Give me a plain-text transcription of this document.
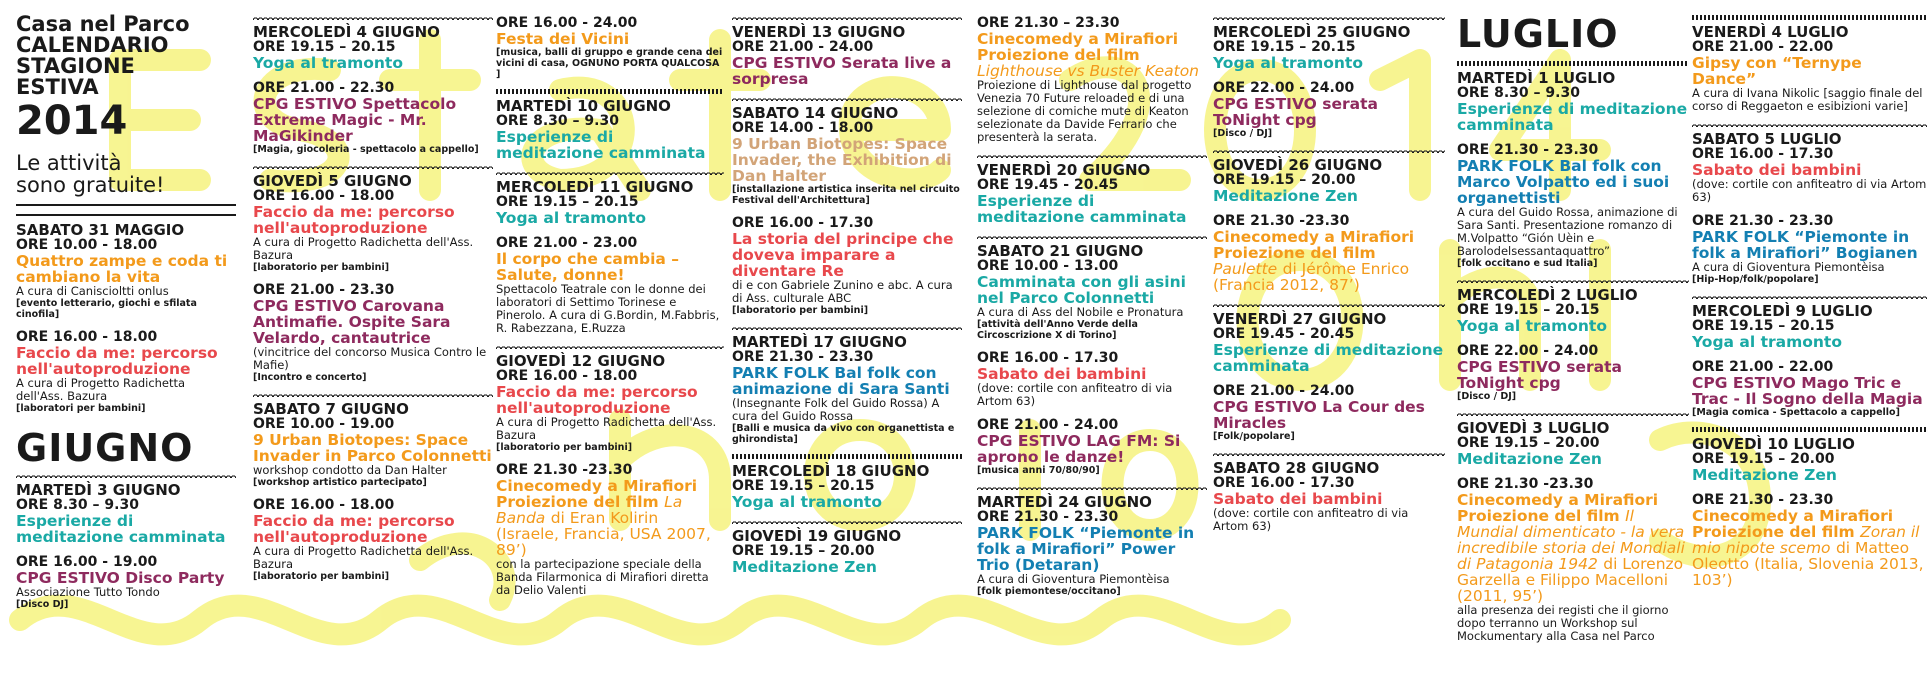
Casa nel Parco
CALENDARIO
STAGIONE
ESTIVA
2014
Le attività
sono gratuite!
SABATO 31 MAGGIO
ORE 10.00 - 18.00
Quattro zampe e coda ti cambiano la vita
A cura di Caniscioltti onlus
[evento letterario, giochi e sfilata cinofila]
ORE 16.00 - 18.00
Faccio da me: percorso nell'autoproduzione
A cura di Progetto Radichetta dell'Ass. Bazura
[laboratori per bambini]
GIUGNO
MARTEDÌ 3 GIUGNO
ORE 8.30 – 9.30
Esperienze di meditazione camminata
ORE 16.00 - 19.00
CPG ESTIVO Disco Party
Associazione Tutto Tondo
[Disco DJ]
MERCOLEDÌ 4 GIUGNO
ORE 19.15 – 20.15
Yoga al tramonto
ORE 21.00 - 22.30
CPG ESTIVO Spettacolo Extreme Magic - Mr. MaGikinder
[Magia, giocoleria - spettacolo a cappello]
GIOVEDÌ 5 GIUGNO
ORE 16.00 - 18.00
Faccio da me: percorso nell'autoproduzione
A cura di Progetto Radichetta dell'Ass. Bazura
[laboratorio per bambini]
ORE 21.00 - 23.30
CPG ESTIVO Carovana Antimafie. Ospite Sara Velardo, cantautrice
(vincitrice del concorso Musica Contro le Mafie)
[Incontro e concerto]
SABATO 7 GIUGNO
ORE 10.00 - 19.00
9 Urban Biotopes: Space Invader in Parco Colonnetti
workshop condotto da Dan Halter
[workshop artistico partecipato]
ORE 16.00 - 18.00
Faccio da me: percorso nell'autoproduzione
A cura di Progetto Radichetta dell'Ass. Bazura
[laboratorio per bambini]
ORE 16.00 - 24.00
Festa dei Vicini
[musica, balli di gruppo e grande cena dei vicini di casa, OGNUNO PORTA QUALCOSA ]
MARTEDÌ 10 GIUGNO
ORE 8.30 – 9.30
Esperienze di meditazione camminata
MERCOLEDÌ 11 GIUGNO
ORE 19.15 – 20.15
Yoga al tramonto
ORE 21.00 - 23.00
Il corpo che cambia – Salute, donne!
Spettacolo Teatrale con le donne dei laboratori di Settimo Torinese e Pinerolo. A cura di G.Bordin, M.Fabbris, R. Rabezzana, E.Ruzza
GIOVEDÌ 12 GIUGNO
ORE 16.00 - 18.00
Faccio da me: percorso nell'autoproduzione
A cura di Progetto Radichetta dell'Ass. Bazura
[laboratorio per bambini]
ORE 21.30 -23.30
Cinecomedy a Mirafiori Proiezione del film La Banda di Eran Kolirin (Israele, Francia, USA 2007, 89’)
con la partecipazione speciale della Banda Filarmonica di Mirafiori diretta da Delio Valenti
VENERDÌ 13 GIUGNO
ORE 21.00 - 24.00
CPG ESTIVO Serata live a sorpresa
SABATO 14 GIUGNO
ORE 14.00 - 18.00
9 Urban Biotopes: Space Invader, the Exhibition di Dan Halter
[installazione artistica inserita nel circuito Festival dell'Architettura]
ORE 16.00 - 17.30
La storia del principe che doveva imparare a diventare Re
di e con Gabriele Zunino e abc. A cura di Ass. culturale ABC
[laboratorio per bambini]
MARTEDÌ 17 GIUGNO
ORE 21.30 - 23.30
PARK FOLK Bal folk con animazione di Sara Santi
(Insegnante Folk del Guido Rossa) A cura del Guido Rossa
[Balli e musica da vivo con organettista e ghirondista]
MERCOLEDÌ 18 GIUGNO
ORE 19.15 – 20.15
Yoga al tramonto
GIOVEDÌ 19 GIUGNO
ORE 19.15 – 20.00
Meditazione Zen
ORE 21.30 – 23.30
Cinecomedy a Mirafiori Proiezione del film Lighthouse vs Buster Keaton
Proiezione di Lighthouse dal progetto Venezia 70 Future reloaded e di una selezione di comiche mute di Keaton selezionate da Davide Ferrario che presenterà la serata.
VENERDÌ 20 GIUGNO
ORE 19.45 - 20.45
Esperienze di meditazione camminata
SABATO 21 GIUGNO
ORE 10.00 - 13.00
Camminata con gli asini nel Parco Colonnetti
A cura di Ass del Nobile e Pronatura
[attività dell'Anno Verde della Circoscrizione X di Torino]
ORE 16.00 - 17.30
Sabato dei bambini
(dove: cortile con anfiteatro di via Artom 63)
ORE 21.00 - 24.00
CPG ESTIVO LAG FM: Si aprono le danze!
[musica anni 70/80/90]
MARTEDÌ 24 GIUGNO
ORE 21.30 - 23.30
PARK FOLK “Piemonte in folk a Mirafiori” Power Trio (Detaran)
A cura di Gioventura Piemontèisa
[folk piemontese/occitano]
MERCOLEDÌ 25 GIUGNO
ORE 19.15 – 20.15
Yoga al tramonto
ORE 22.00 - 24.00
CPG ESTIVO serata ToNight cpg
[Disco / DJ]
GIOVEDÌ 26 GIUGNO
ORE 19.15 – 20.00
Meditazione Zen
ORE 21.30 -23.30
Cinecomedy a Mirafiori Proiezione del film Paulette di Jérôme Enrico (Francia 2012, 87’)
VENERDÌ 27 GIUGNO
ORE 19.45 - 20.45
Esperienze di meditazione camminata
ORE 21.00 - 24.00
CPG ESTIVO La Cour des Miracles
[Folk/popolare]
SABATO 28 GIUGNO
ORE 16.00 - 17.30
Sabato dei bambini
(dove: cortile con anfiteatro di via Artom 63)
LUGLIO
MARTEDÌ 1 LUGLIO
ORE 8.30 – 9.30
Esperienze di meditazione camminata
ORE 21.30 - 23.30
PARK FOLK Bal folk con Marco Volpatto ed i suoi organettisti
A cura del Guido Rossa, animazione di Sara Santi. Presentazione romanzo di M.Volpatto “Gión Uèin e Barolodelsessantaquattro”
[folk occitano e sud Italia]
MERCOLEDÌ 2 LUGLIO
ORE 19.15 – 20.15
Yoga al tramonto
ORE 22.00 - 24.00
CPG ESTIVO serata ToNight cpg
[Disco / DJ]
GIOVEDÌ 3 LUGLIO
ORE 19.15 – 20.00
Meditazione Zen
ORE 21.30 -23.30
Cinecomedy a Mirafiori Proiezione del film Il Mundial dimenticato - la vera incredibile storia dei Mondiali di Patagonia 1942 di Lorenzo Garzella e Filippo Macelloni (2011, 95’)
alla presenza dei registi che il giorno dopo terranno un Workshop sul Mockumentary alla Casa nel Parco
VENERDÌ 4 LUGLIO
ORE 21.00 - 22.00
Gipsy con “Ternype Dance”
A cura di Ivana Nikolic [saggio finale del corso di Reggaeton e esibizioni varie]
SABATO 5 LUGLIO
ORE 16.00 - 17.30
Sabato dei bambini
(dove: cortile con anfiteatro di via Artom 63)
ORE 21.30 - 23.30
PARK FOLK “Piemonte in folk a Mirafiori” Bogianen
A cura di Gioventura Piemontèisa
[Hip-Hop/folk/popolare]
MERCOLEDÌ 9 LUGLIO
ORE 19.15 – 20.15
Yoga al tramonto
ORE 21.00 - 22.00
CPG ESTIVO Mago Tric e Trac - Il Sogno della Magia
[Magia comica - Spettacolo a cappello]
GIOVEDÌ 10 LUGLIO
ORE 19.15 – 20.00
Meditazione Zen
ORE 21.30 - 23.30
Cinecomedy a Mirafiori Proiezione del film Zoran il mio nipote scemo di Matteo Oleotto (Italia, Slovenia 2013, 103’)
